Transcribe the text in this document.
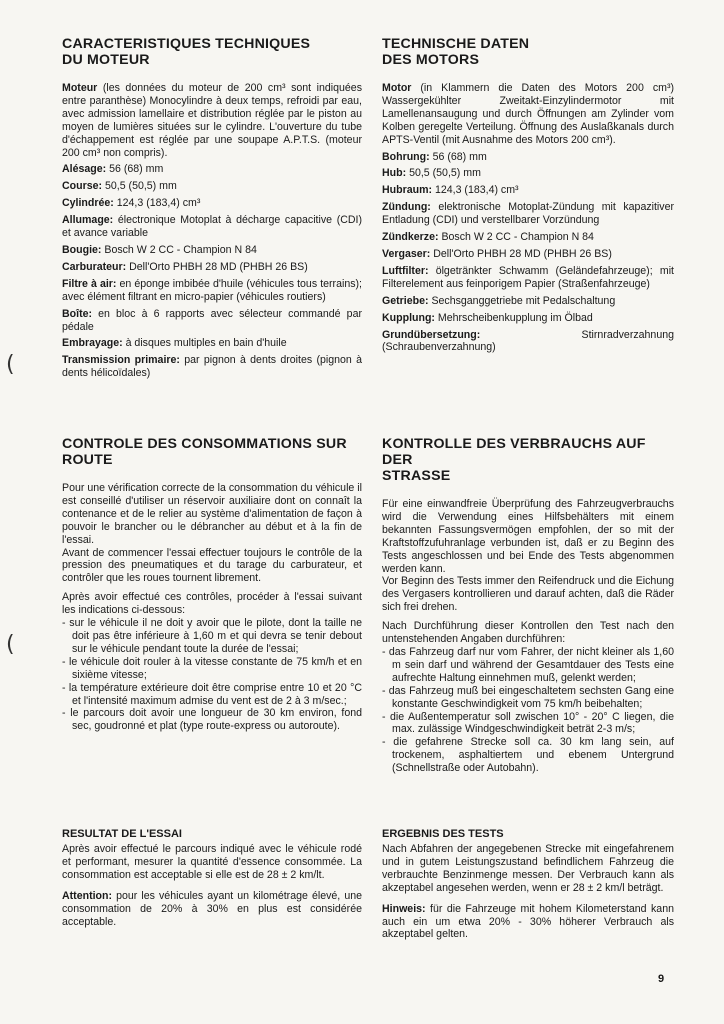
CARACTERISTIQUES TECHNIQUES
DU MOTEUR

Moteur (les données du moteur de 200 cm³ sont indiquées entre paranthèse) Monocylindre à deux temps, refroidi par eau, avec admission lamellaire et distribution réglée par le piston au moyen de lumières situées sur le cylindre. L'ouverture du tube d'échappement est réglée par une soupape A.P.T.S. (moteur 200 cm³ non compris).

Alésage: 56 (68) mm

Course: 50,5 (50,5) mm

Cylindrée: 124,3 (183,4) cm³

Allumage: électronique Motoplat à décharge capacitive (CDI) et avance variable

Bougie: Bosch W 2 CC - Champion N 84

Carburateur: Dell'Orto PHBH 28 MD (PHBH 26 BS)

Filtre à air: en éponge imbibée d'huile (véhicules tous terrains); avec élément filtrant en micro-papier (véhicules routiers)

Boîte: en bloc à 6 rapports avec sélecteur commandé par pédale

Embrayage: à disques multiples en bain d'huile

Transmission primaire: par pignon à dents droites (pignon à dents hélicoïdales)

TECHNISCHE DATEN
DES MOTORS

Motor (in Klammern die Daten des Motors 200 cm³) Wassergekühlter Zweitakt-Einzylindermotor mit Lamellenansaugung und durch Öffnungen am Zylinder vom Kolben geregelte Verteilung. Öffnung des Auslaßkanals durch APTS-Ventil (mit Ausnahme des Motors 200 cm³).

Bohrung: 56 (68) mm

Hub: 50,5 (50,5) mm

Hubraum: 124,3 (183,4) cm³

Zündung: elektronische Motoplat-Zündung mit kapazitiver Entladung (CDI) und verstellbarer Vorzündung

Zündkerze: Bosch W 2 CC - Champion N 84

Vergaser: Dell'Orto PHBH 28 MD (PHBH 26 BS)

Luftfilter: ölgetränkter Schwamm (Geländefahrzeuge); mit Filterelement aus feinporigem Papier (Straßenfahrzeuge)

Getriebe: Sechsganggetriebe mit Pedalschaltung

Kupplung: Mehrscheibenkupplung im Ölbad

Grundübersetzung: Stirnradverzahnung (Schraubenverzahnung)

CONTROLE DES CONSOMMATIONS SUR
ROUTE

Pour une vérification correcte de la consommation du véhicule il est conseillé d'utiliser un réservoir auxiliaire dont on connaît la contenance et de le relier au système d'alimentation de façon à pouvoir le brancher ou le débrancher au début et à la fin de l'essai.

Avant de commencer l'essai effectuer toujours le contrôle de la pression des pneumatiques et du tarage du carburateur, et contrôler que les roues tournent librement.

Après avoir effectué ces contrôles, procéder à l'essai suivant les indications ci-dessous:

- sur le véhicule il ne doit y avoir que le pilote, dont la taille ne doit pas être inférieure à 1,60 m et qui devra se tenir debout sur le véhicule pendant toute la durée de l'essai;
- le véhicule doit rouler à la vitesse constante de 75 km/h et en sixième vitesse;
- la température extérieure doit être comprise entre 10 et 20 °C et l'intensité maximum admise du vent est de 2 à 3 m/sec.;
- le parcours doit avoir une longueur de 30 km environ, fond sec, goudronné et plat (type route-express ou autoroute).
KONTROLLE DES VERBRAUCHS AUF DER
STRASSE

Für eine einwandfreie Überprüfung des Fahrzeugverbrauchs wird die Verwendung eines Hilfsbehälters mit einem bekannten Fassungsvermögen empfohlen, der so mit der Kraftstoffzufuhranlage verbunden ist, daß er zu Beginn des Tests angeschlossen und bei Ende des Tests abgenommen werden kann.

Vor Beginn des Tests immer den Reifendruck und die Eichung des Vergasers kontrollieren und darauf achten, daß die Räder sich frei drehen.

Nach Durchführung dieser Kontrollen den Test nach den untenstehenden Angaben durchführen:

- das Fahrzeug darf nur vom Fahrer, der nicht kleiner als 1,60 m sein darf und während der Gesamtdauer des Tests eine aufrechte Haltung einnehmen muß, gelenkt werden;
- das Fahrzeug muß bei eingeschaltetem sechsten Gang eine konstante Geschwindigkeit vom 75 km/h beibehalten;
- die Außentemperatur soll zwischen 10° - 20° C liegen, die max. zulässige Windgeschwindigkeit beträt 2-3 m/s;
- die gefahrene Strecke soll ca. 30 km lang sein, auf trockenem, asphaltiertem und ebenem Untergrund (Schnellstraße oder Autobahn).
RESULTAT DE L'ESSAI

Après avoir effectué le parcours indiqué avec le véhicule rodé et performant, mesurer la quantité d'essence consommée. La consommation est acceptable si elle est de 28 ± 2 km/lt.

Attention: pour les véhicules ayant un kilométrage élevé, une consommation de 20% à 30% en plus est considérée acceptable.

ERGEBNIS DES TESTS

Nach Abfahren der angegebenen Strecke mit eingefahrenem und in gutem Leistungszustand befindlichem Fahrzeug die verbrauchte Benzinmenge messen. Der Verbrauch kann als akzeptabel angesehen werden, wenn er 28 ± 2 km/l beträgt.

Hinweis: für die Fahrzeuge mit hohem Kilometerstand kann auch ein um etwa 20% - 30% höherer Verbrauch als akzeptabel gelten.

9
(
(
